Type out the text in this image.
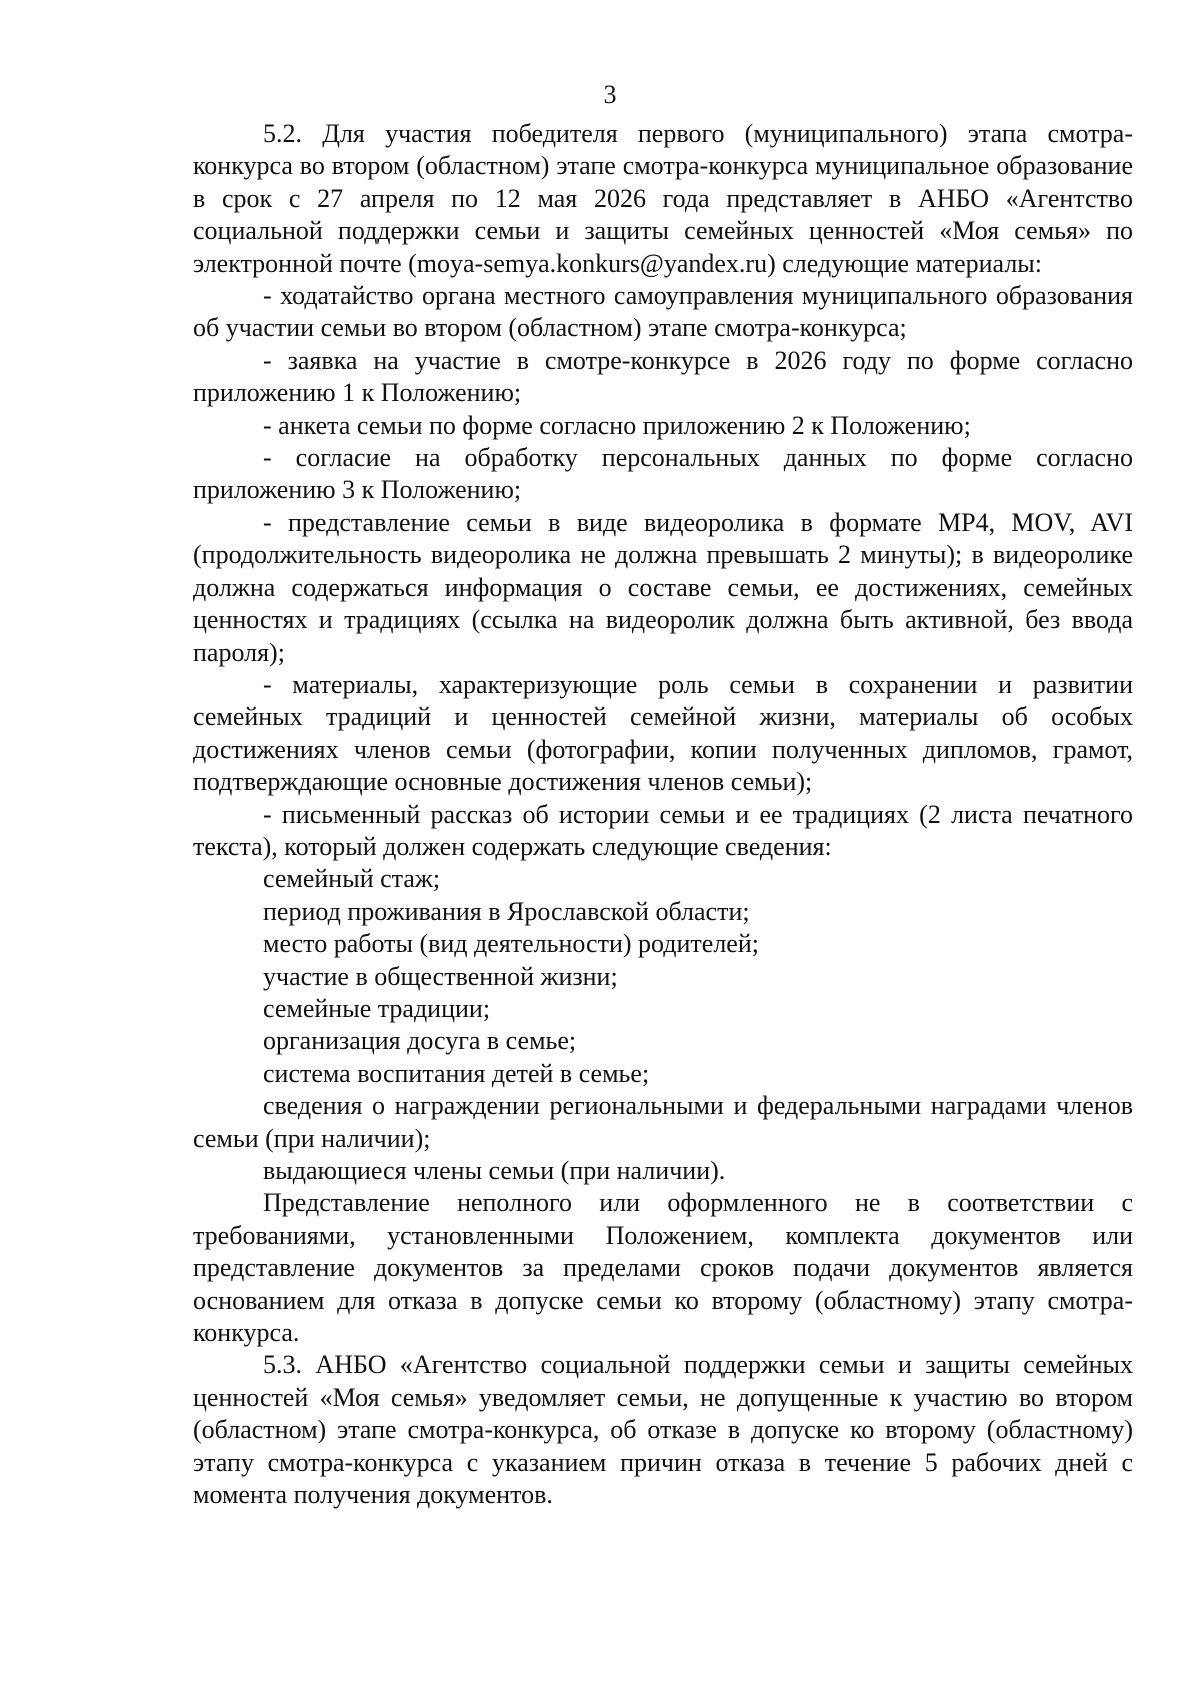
3

5.2. Для участия победителя первого (муниципального) этапа смотра-конкурса во втором (областном) этапе смотра-конкурса муниципальное образование в срок с 27 апреля по 12 мая 2026 года представляет в АНБО «Агентство социальной поддержки семьи и защиты семейных ценностей «Моя семья» по электронной почте (moya-semya.konkurs@yandex.ru) следующие материалы:

- ходатайство органа местного самоуправления муниципального образования об участии семьи во втором (областном) этапе смотра-конкурса;

- заявка на участие в смотре-конкурсе в 2026 году по форме согласно приложению 1 к Положению;

- анкета семьи по форме согласно приложению 2 к Положению;

- согласие на обработку персональных данных по форме согласно приложению 3 к Положению;

- представление семьи в виде видеоролика в формате MP4, MOV, AVI (продолжительность видеоролика не должна превышать 2 минуты); в видеоролике должна содержаться информация о составе семьи, ее достижениях, семейных ценностях и традициях (ссылка на видеоролик должна быть активной, без ввода пароля);

- материалы, характеризующие роль семьи в сохранении и развитии семейных традиций и ценностей семейной жизни, материалы об особых достижениях членов семьи (фотографии, копии полученных дипломов, грамот, подтверждающие основные достижения членов семьи);

- письменный рассказ об истории семьи и ее традициях (2 листа печатного текста), который должен содержать следующие сведения:

семейный стаж;

период проживания в Ярославской области;

место работы (вид деятельности) родителей;

участие в общественной жизни;

семейные традиции;

организация досуга в семье;

система воспитания детей в семье;

сведения о награждении региональными и федеральными наградами членов семьи (при наличии);

выдающиеся члены семьи (при наличии).

Представление неполного или оформленного не в соответствии с требованиями, установленными Положением, комплекта документов или представление документов за пределами сроков подачи документов является основанием для отказа в допуске семьи ко второму (областному) этапу смотра-конкурса.

5.3. АНБО «Агентство социальной поддержки семьи и защиты семейных ценностей «Моя семья» уведомляет семьи, не допущенные к участию во втором (областном) этапе смотра-конкурса, об отказе в допуске ко второму (областному) этапу смотра-конкурса с указанием причин отказа в течение 5 рабочих дней с момента получения документов.
